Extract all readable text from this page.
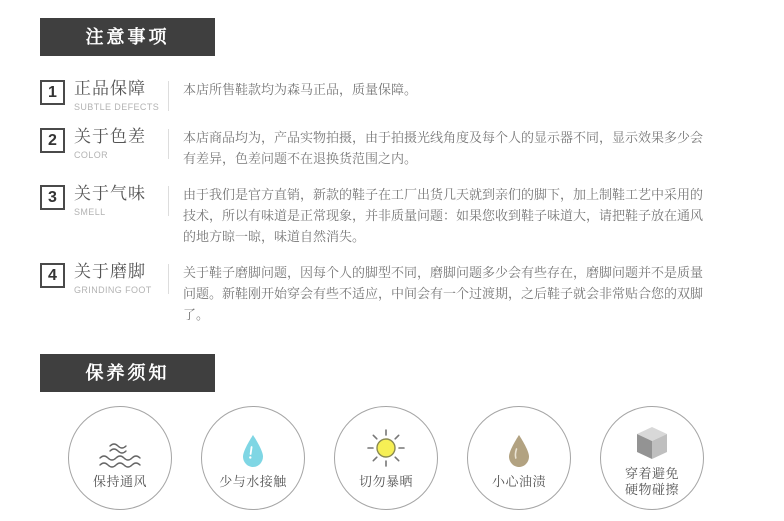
注意事项
1	正品保障
SUBTLE DEFECTS
本店所售鞋款均为森马正品，质量保障。
2	关于色差
COLOR
本店商品均为，产品实物拍摄，由于拍摄光线角度及每个人的显示器不同，显示效果多少会有差异，色差问题不在退换货范围之内。
3	关于气味
SMELL
由于我们是官方直销，新款的鞋子在工厂出货几天就到亲们的脚下，加上制鞋工艺中采用的技术，所以有味道是正常现象，并非质量问题：如果您收到鞋子味道大，请把鞋子放在通风的地方晾一晾，味道自然消失。
4	关于磨脚
GRINDING FOOT
关于鞋子磨脚问题，因每个人的脚型不同，磨脚问题多少会有些存在，磨脚问题并不是质量问题。新鞋刚开始穿会有些不适应，中间会有一个过渡期，之后鞋子就会非常贴合您的双脚了。
保养须知
保持通风	少与水接触	切勿暴晒	小心油渍
穿着避免
硬物碰擦
